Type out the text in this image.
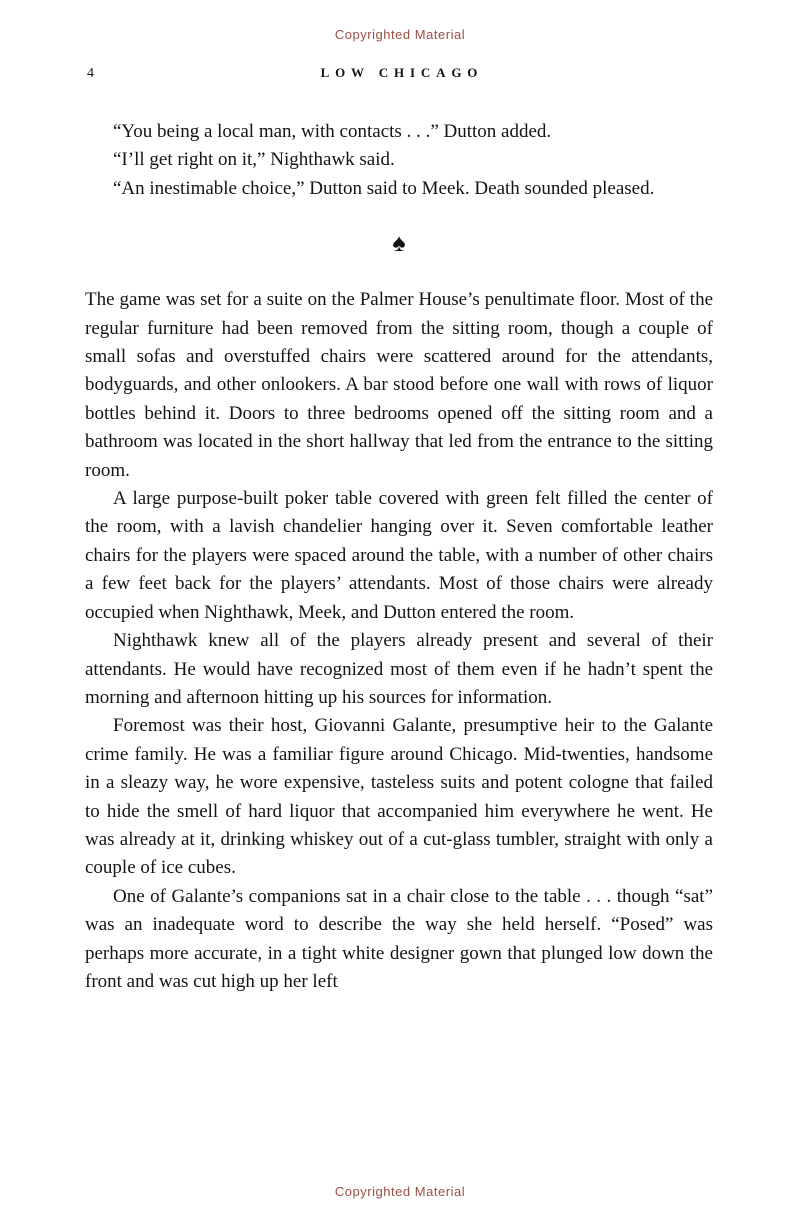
Copyrighted Material
4	LOW CHICAGO

“You being a local man, with contacts . . .” Dutton added.

“I’ll get right on it,” Nighthawk said.

“An inestimable choice,” Dutton said to Meek. Death sounded pleased.

♠

The game was set for a suite on the Palmer House’s penultimate floor. Most of the regular furniture had been removed from the sitting room, though a couple of small sofas and overstuffed chairs were scattered around for the attendants, bodyguards, and other onlookers. A bar stood before one wall with rows of liquor bottles behind it. Doors to three bedrooms opened off the sitting room and a bathroom was located in the short hallway that led from the entrance to the sitting room.

A large purpose-built poker table covered with green felt filled the center of the room, with a lavish chandelier hanging over it. Seven comfortable leather chairs for the players were spaced around the table, with a number of other chairs a few feet back for the players’ attendants. Most of those chairs were already occupied when Nighthawk, Meek, and Dutton entered the room.

Nighthawk knew all of the players already present and several of their attendants. He would have recognized most of them even if he hadn’t spent the morning and afternoon hitting up his sources for information.

Foremost was their host, Giovanni Galante, presumptive heir to the Galante crime family. He was a familiar figure around Chicago. Mid-twenties, handsome in a sleazy way, he wore expensive, tasteless suits and potent cologne that failed to hide the smell of hard liquor that accompanied him everywhere he went. He was already at it, drinking whiskey out of a cut-glass tumbler, straight with only a couple of ice cubes.

One of Galante’s companions sat in a chair close to the table . . . though “sat” was an inadequate word to describe the way she held herself. “Posed” was perhaps more accurate, in a tight white designer gown that plunged low down the front and was cut high up her left

Copyrighted Material
